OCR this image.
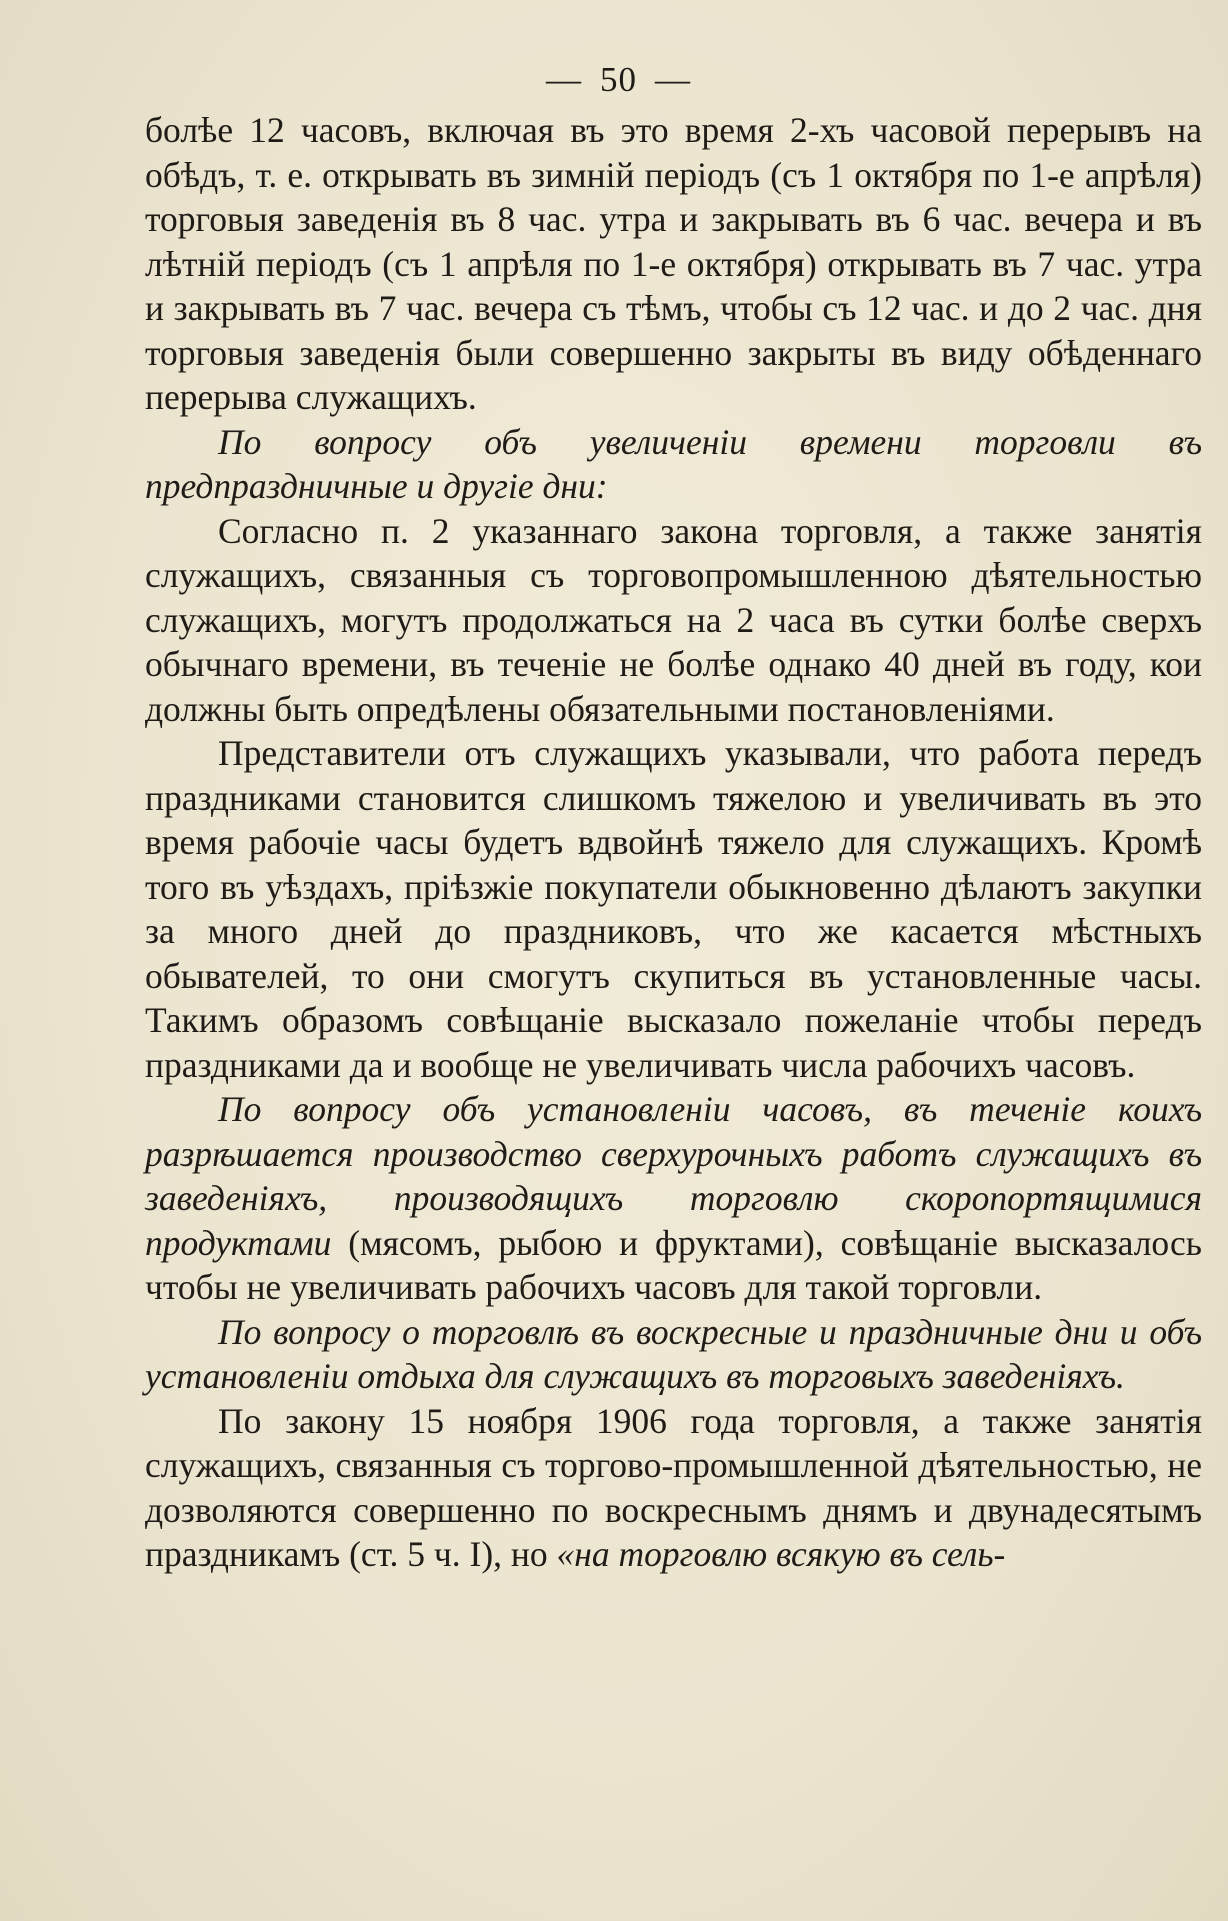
— 50 —

болѣе 12 часовъ, включая въ это время 2-хъ часовой перерывъ на обѣдъ, т. е. открывать въ зимній періодъ (съ 1 октября по 1-е апрѣля) торговыя заведенія въ 8 час. утра и закрывать въ 6 час. вечера и въ лѣтній періодъ (съ 1 апрѣля по 1-е октября) открывать въ 7 час. утра и закрывать въ 7 час. вечера съ тѣмъ, чтобы съ 12 час. и до 2 час. дня торговыя заведенія были совершенно закрыты въ виду обѣденнаго перерыва служащихъ.

По вопросу объ увеличеніи времени торговли въ предпраздничные и другіе дни:

Согласно п. 2 указаннаго закона торговля, а также занятія служащихъ, связанныя съ торговопромышленною дѣятельностью служащихъ, могутъ продолжаться на 2 часа въ сутки болѣе сверхъ обычнаго времени, въ теченіе не болѣе однако 40 дней въ году, кои должны быть опредѣлены обязательными постановленіями.

Представители отъ служащихъ указывали, что работа передъ праздниками становится слишкомъ тяжелою и увеличивать въ это время рабочіе часы будетъ вдвойнѣ тяжело для служащихъ. Кромѣ того въ уѣздахъ, пріѣзжіе покупатели обыкновенно дѣлаютъ закупки за много дней до праздниковъ, что же касается мѣстныхъ обывателей, то они смогутъ скупиться въ установленные часы. Такимъ образомъ совѣщаніе высказало пожеланіе чтобы передъ праздниками да и вообще не увеличивать числа рабочихъ часовъ.

По вопросу объ установленіи часовъ, въ теченіе коихъ разрѣшается производство сверхурочныхъ работъ служащихъ въ заведеніяхъ, производящихъ торговлю скоропортящимися продуктами (мясомъ, рыбою и фруктами), совѣщаніе высказалось чтобы не увеличивать рабочихъ часовъ для такой торговли.

По вопросу о торговлѣ въ воскресные и праздничные дни и объ установленіи отдыха для служащихъ въ торговыхъ заведеніяхъ.

По закону 15 ноября 1906 года торговля, а также занятія служащихъ, связанныя съ торгово-промышленной дѣятельностью, не дозволяются совершенно по воскреснымъ днямъ и двунадесятымъ праздникамъ (ст. 5 ч. I), но «на торговлю всякую въ сель-
